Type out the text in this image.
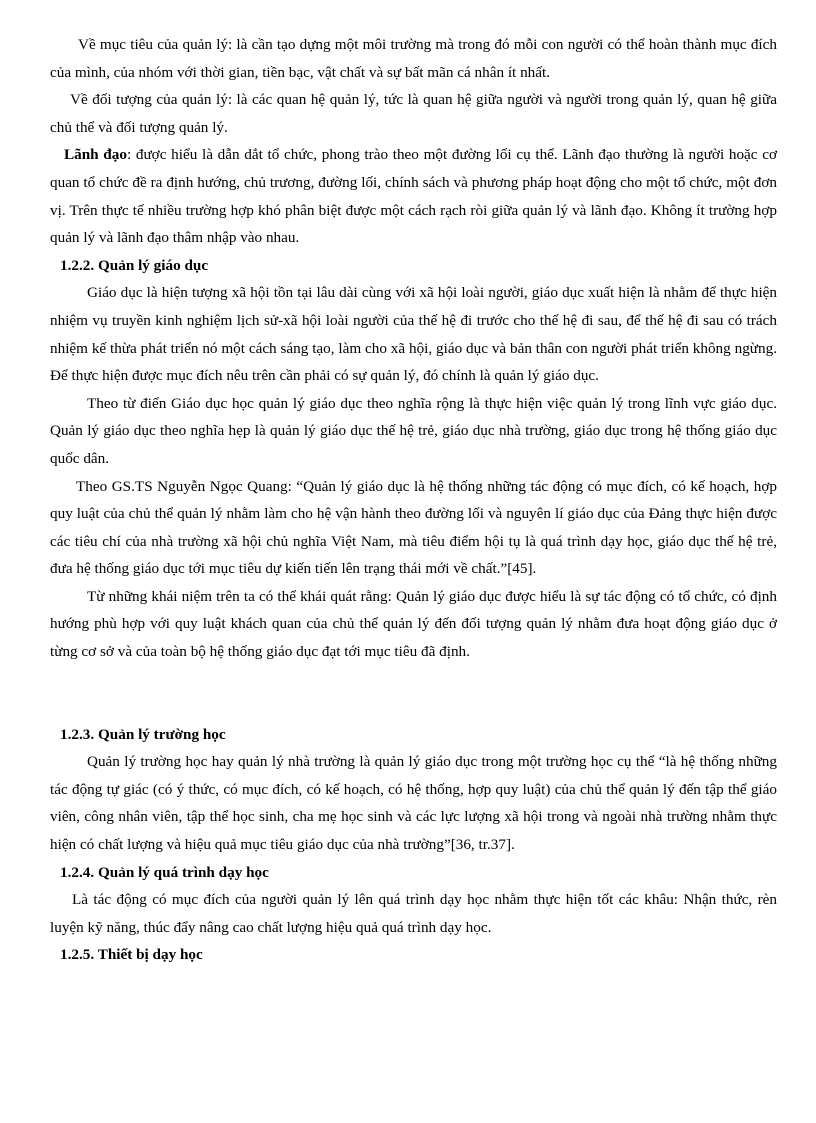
Về mục tiêu của quản lý: là cần tạo dựng một môi trường mà trong đó mỗi con người có thể hoàn thành mục đích của mình, của nhóm với thời gian, tiền bạc, vật chất và sự bất mãn cá nhân ít nhất.

Về đối tượng của quản lý: là các quan hệ quản lý, tức là quan hệ giữa người và người trong quản lý, quan hệ giữa chủ thể và đối tượng quản lý.

Lãnh đạo: được hiểu là dẫn dắt tổ chức, phong trào theo một đường lối cụ thể. Lãnh đạo thường là người hoặc cơ quan tổ chức đề ra định hướng, chủ trương, đường lối, chính sách và phương pháp hoạt động cho một tổ chức, một đơn vị. Trên thực tế nhiều trường hợp khó phân biệt được một cách rạch ròi giữa quản lý và lãnh đạo. Không ít trường hợp quản lý và lãnh đạo thâm nhập vào nhau.

1.2.2. Quản lý giáo dục

Giáo dục là hiện tượng xã hội tồn tại lâu dài cùng với xã hội loài người, giáo dục xuất hiện là nhằm để thực hiện nhiệm vụ truyền kinh nghiệm lịch sử-xã hội loài người của thế hệ đi trước cho thế hệ đi sau, để thế hệ đi sau có trách nhiệm kế thừa phát triển nó một cách sáng tạo, làm cho xã hội, giáo dục và bản thân con người phát triển không ngừng. Để thực hiện được mục đích nêu trên cần phải có sự quản lý, đó chính là quản lý giáo dục.

Theo từ điển Giáo dục học quản lý giáo dục theo nghĩa rộng là thực hiện việc quản lý trong lĩnh vực giáo dục. Quản lý giáo dục theo nghĩa hẹp là quản lý giáo dục thế hệ trẻ, giáo dục nhà trường, giáo dục trong hệ thống giáo dục quốc dân.

Theo GS.TS Nguyễn Ngọc Quang: “Quản lý giáo dục là hệ thống những tác động có mục đích, có kế hoạch, hợp quy luật của chủ thể quản lý nhằm làm cho hệ vận hành theo đường lối và nguyên lí giáo dục của Đảng thực hiện được các tiêu chí của nhà trường xã hội chủ nghĩa Việt Nam, mà tiêu điểm hội tụ là quá trình dạy học, giáo dục thế hệ trẻ, đưa hệ thống giáo dục tới mục tiêu dự kiến tiến lên trạng thái mới về chất.”[45].

Từ những khái niệm trên ta có thể khái quát rằng: Quản lý giáo dục được hiểu là sự tác động có tổ chức, có định hướng phù hợp với quy luật khách quan của chủ thể quản lý đến đối tượng quản lý nhằm đưa hoạt động giáo dục ở từng cơ sở và của toàn bộ hệ thống giáo dục đạt tới mục tiêu đã định.

1.2.3. Quản lý trường học

Quản lý trường học hay quản lý nhà trường là quản lý giáo dục trong một trường học cụ thể “là hệ thống những tác động tự giác (có ý thức, có mục đích, có kế hoạch, có hệ thống, hợp quy luật) của chủ thể quản lý đến tập thể giáo viên, công nhân viên, tập thể học sinh, cha mẹ học sinh và các lực lượng xã hội trong và ngoài nhà trường nhằm thực hiện có chất lượng và hiệu quả mục tiêu giáo dục của nhà trường”[36, tr.37].

1.2.4. Quản lý quá trình dạy học

Là tác động có mục đích của người quản lý lên quá trình dạy học nhằm thực hiện tốt các khâu: Nhận thức, rèn luyện kỹ năng, thúc đẩy nâng cao chất lượng hiệu quả quá trình dạy học.

1.2.5. Thiết bị dạy học
